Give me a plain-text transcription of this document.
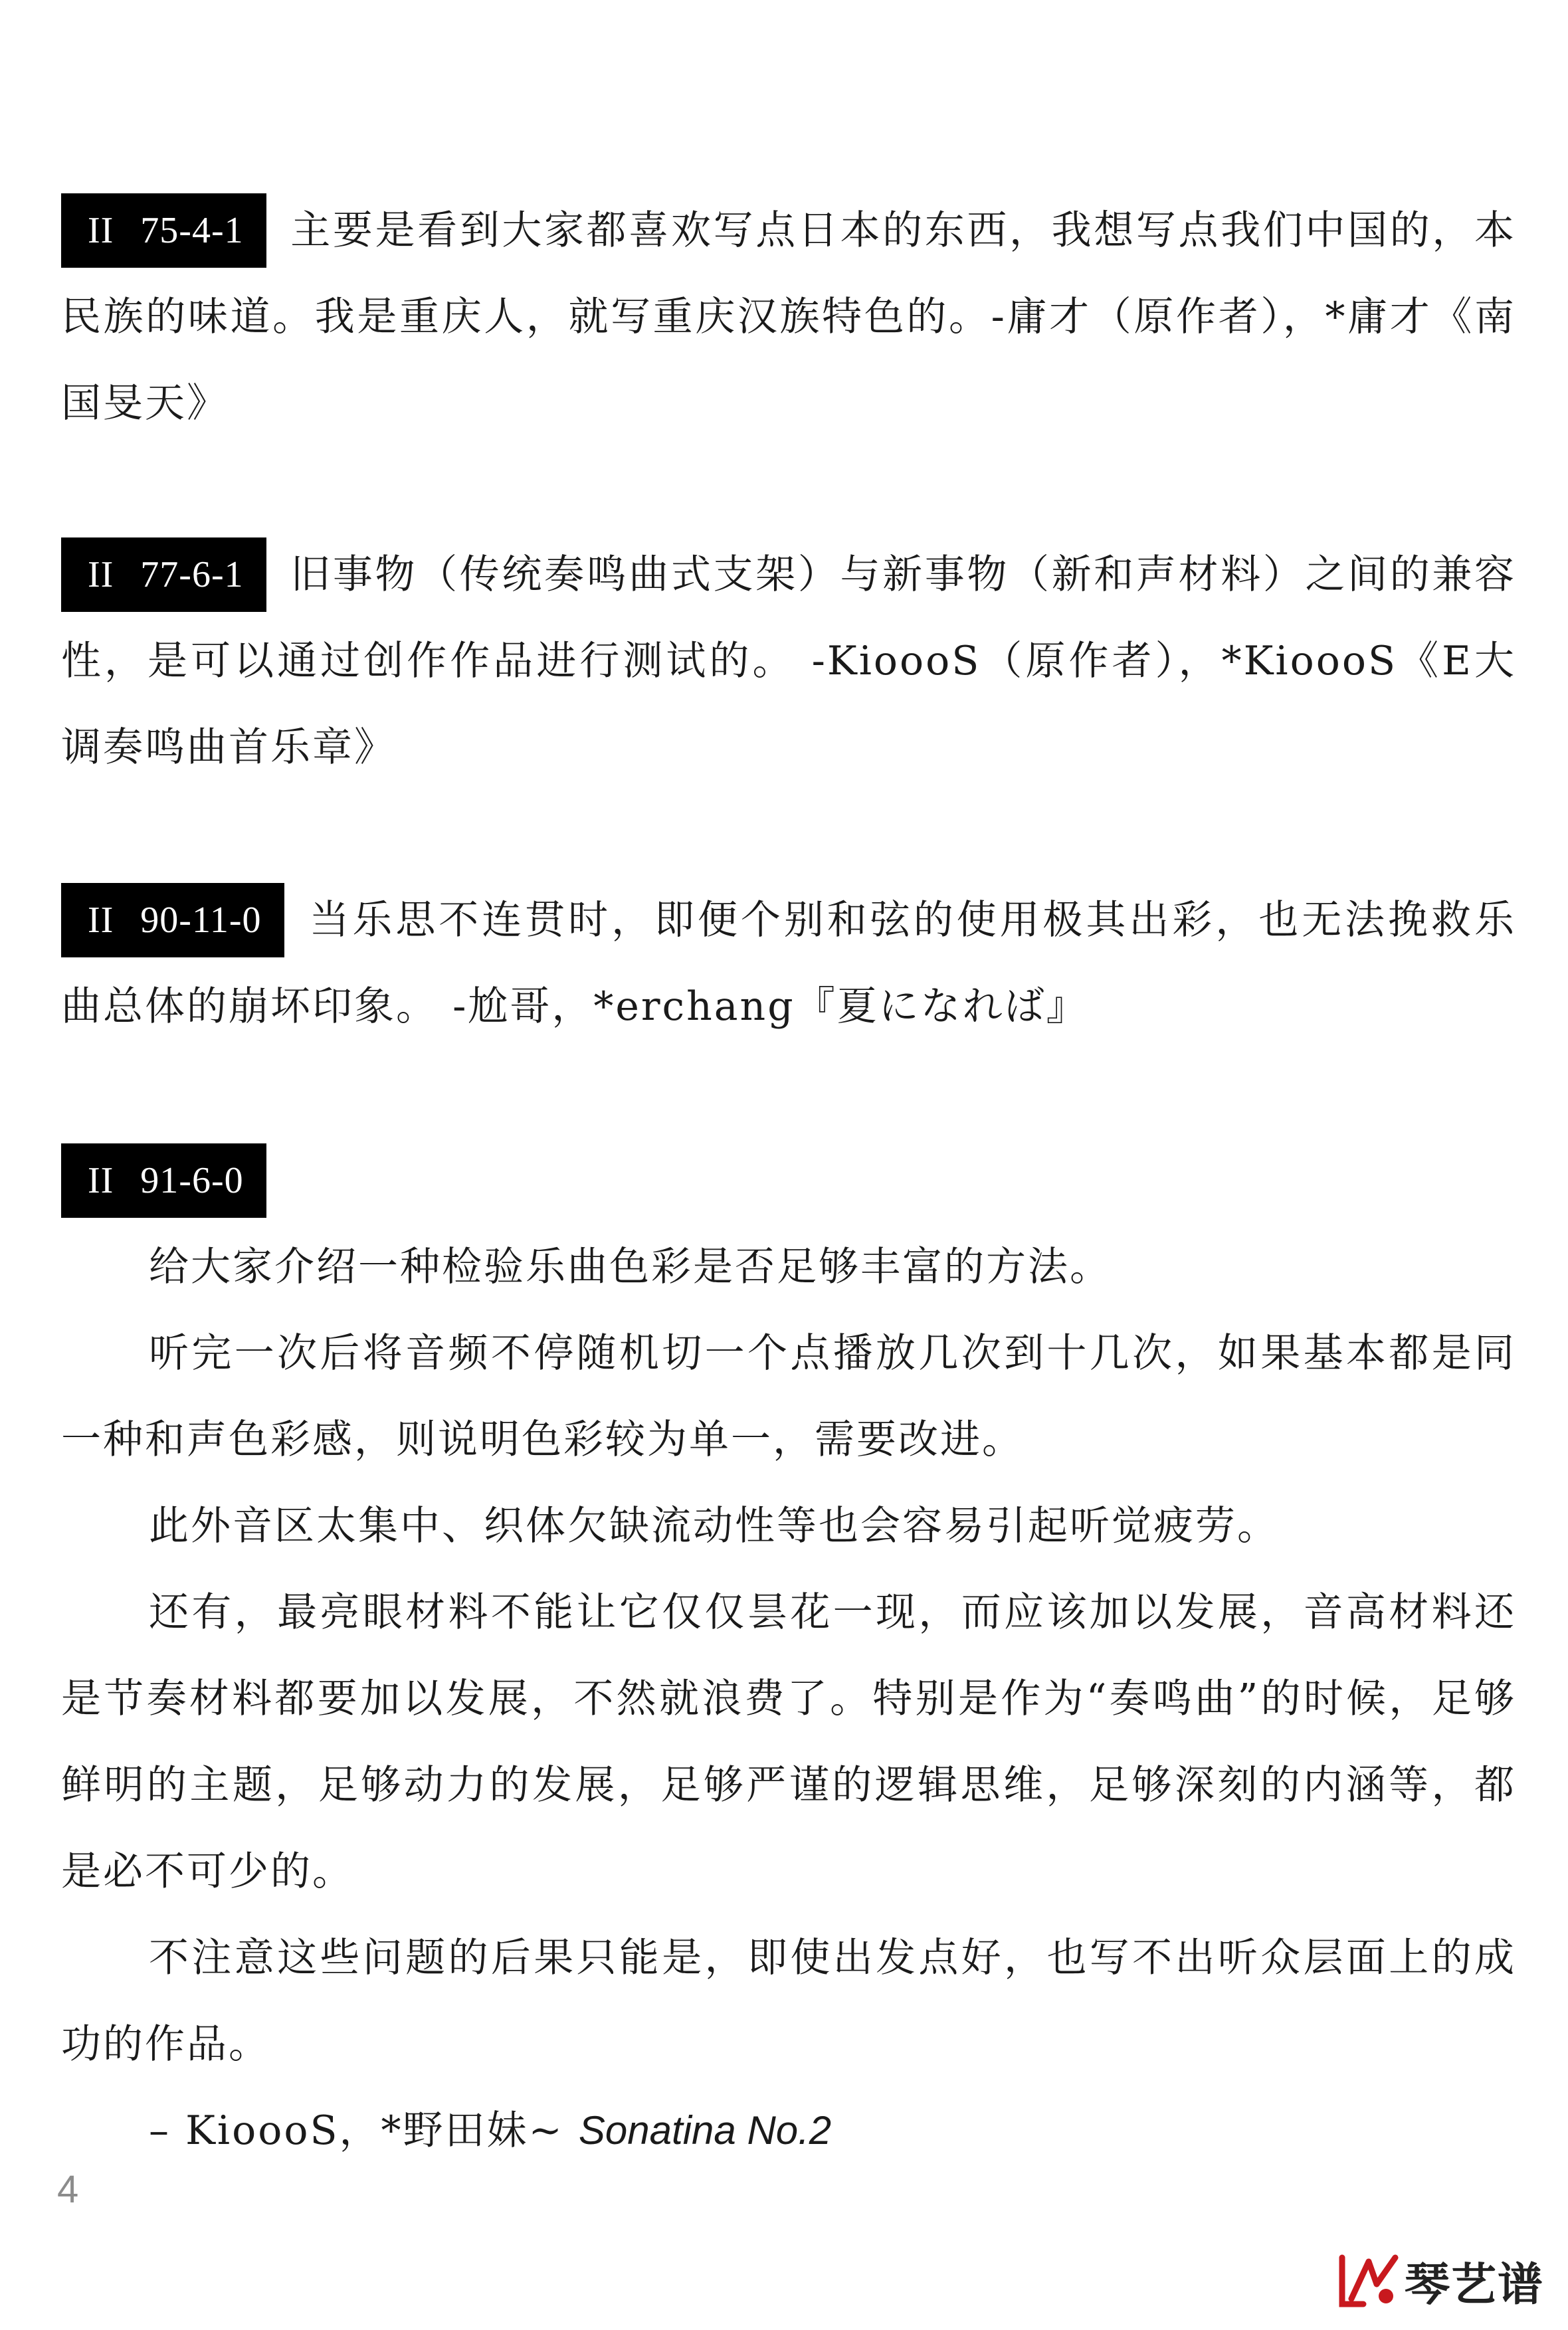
II 75-4-1 主要是看到大家都喜欢写点日本的东西，我想写点我们中国的，本民族的味道。我是重庆人，就写重庆汉族特色的。-庸才（原作者），*庸才《南国旻天》

II 77-6-1 旧事物（传统奏鸣曲式支架）与新事物（新和声材料）之间的兼容性，是可以通过创作作品进行测试的。 -KioooS（原作者），*KioooS《E大调奏鸣曲首乐章》

II 90-11-0 当乐思不连贯时，即便个别和弦的使用极其出彩，也无法挽救乐曲总体的崩坏印象。 -尬哥，*erchang『夏になれば』

II 91-6-0

给大家介绍一种检验乐曲色彩是否足够丰富的方法。

听完一次后将音频不停随机切一个点播放几次到十几次，如果基本都是同一种和声色彩感，则说明色彩较为单一，需要改进。

此外音区太集中、织体欠缺流动性等也会容易引起听觉疲劳。

还有，最亮眼材料不能让它仅仅昙花一现，而应该加以发展，音高材料还是节奏材料都要加以发展，不然就浪费了。特别是作为“奏鸣曲”的时候，足够鲜明的主题，足够动力的发展，足够严谨的逻辑思维，足够深刻的内涵等，都是必不可少的。

不注意这些问题的后果只能是，即使出发点好，也写不出听众层面上的成功的作品。

– KioooS，*野田妹~ Sonatina No.2

4
琴艺谱
